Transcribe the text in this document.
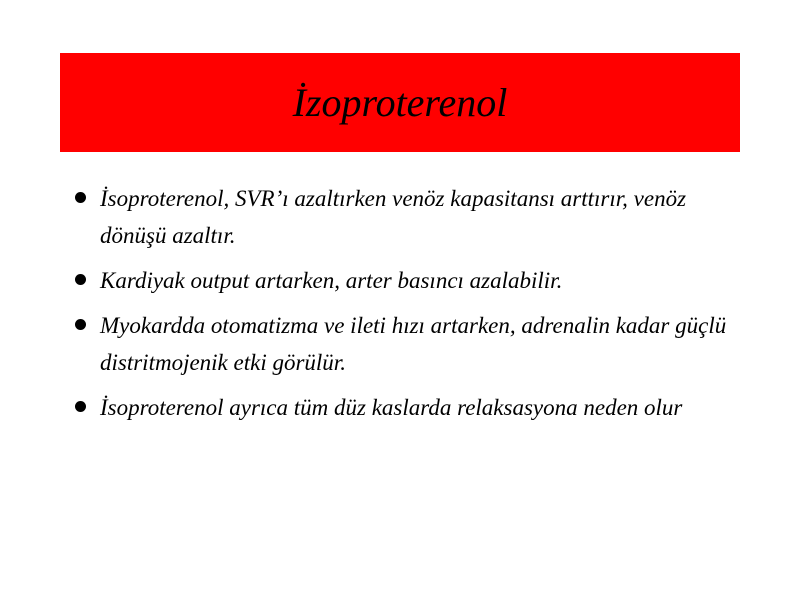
İzoproterenol
İsoproterenol, SVR’ı azaltırken venöz kapasitansı arttırır, venöz dönüşü azaltır.
Kardiyak output artarken, arter basıncı azalabilir.
Myokardda otomatizma ve ileti hızı artarken, adrenalin kadar güçlü distritmojenik etki görülür.
İsoproterenol ayrıca tüm düz kaslarda relaksasyona neden olur
